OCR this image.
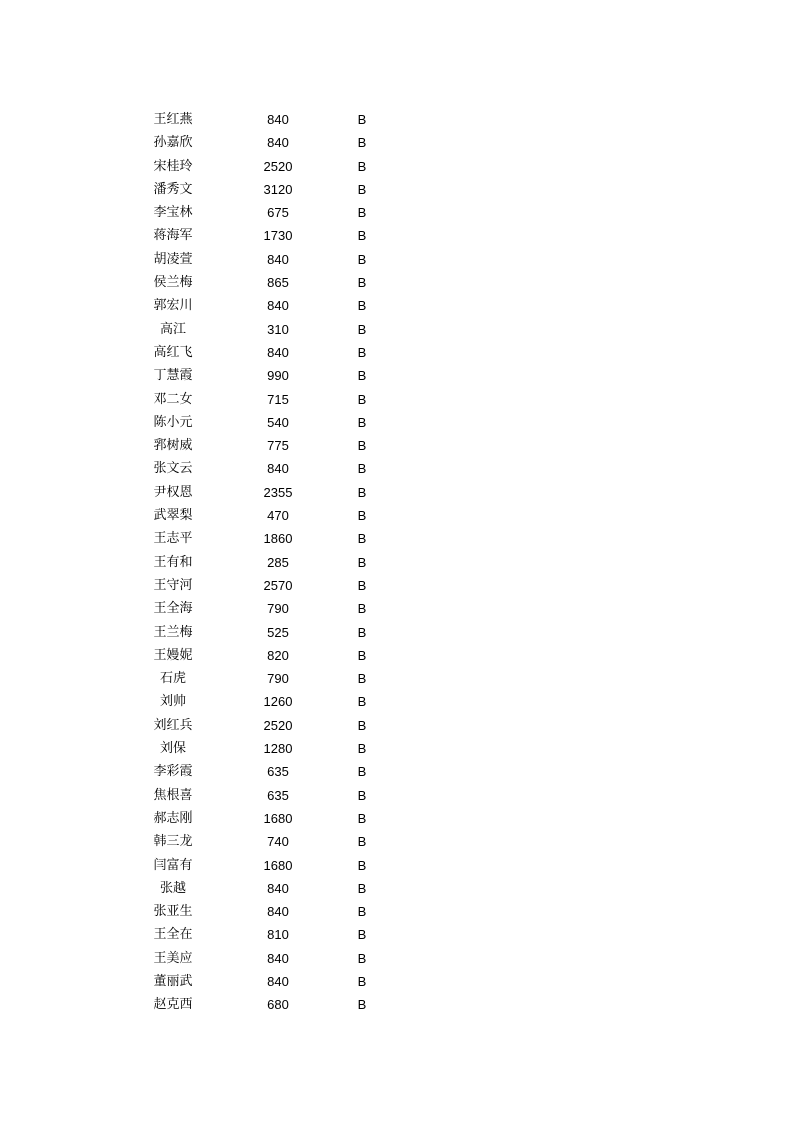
王红燕	840	B
孙嘉欣	840	B
宋桂玲	2520	B
潘秀文	3120	B
李宝林	675	B
蒋海军	1730	B
胡凌萱	840	B
侯兰梅	865	B
郭宏川	840	B
高江	310	B
高红飞	840	B
丁慧霞	990	B
邓二女	715	B
陈小元	540	B
郛树威	775	B
张文云	840	B
尹权恩	2355	B
武翠梨	470	B
王志平	1860	B
王有和	285	B
王守河	2570	B
王全海	790	B
王兰梅	525	B
王嫚妮	820	B
石虎	790	B
刘帅	1260	B
刘红兵	2520	B
刘保	1280	B
李彩霞	635	B
焦根喜	635	B
郝志刚	1680	B
韩三龙	740	B
闫富有	1680	B
张越	840	B
张亚生	840	B
王全在	810	B
王美应	840	B
董丽武	840	B
赵克西	680	B
